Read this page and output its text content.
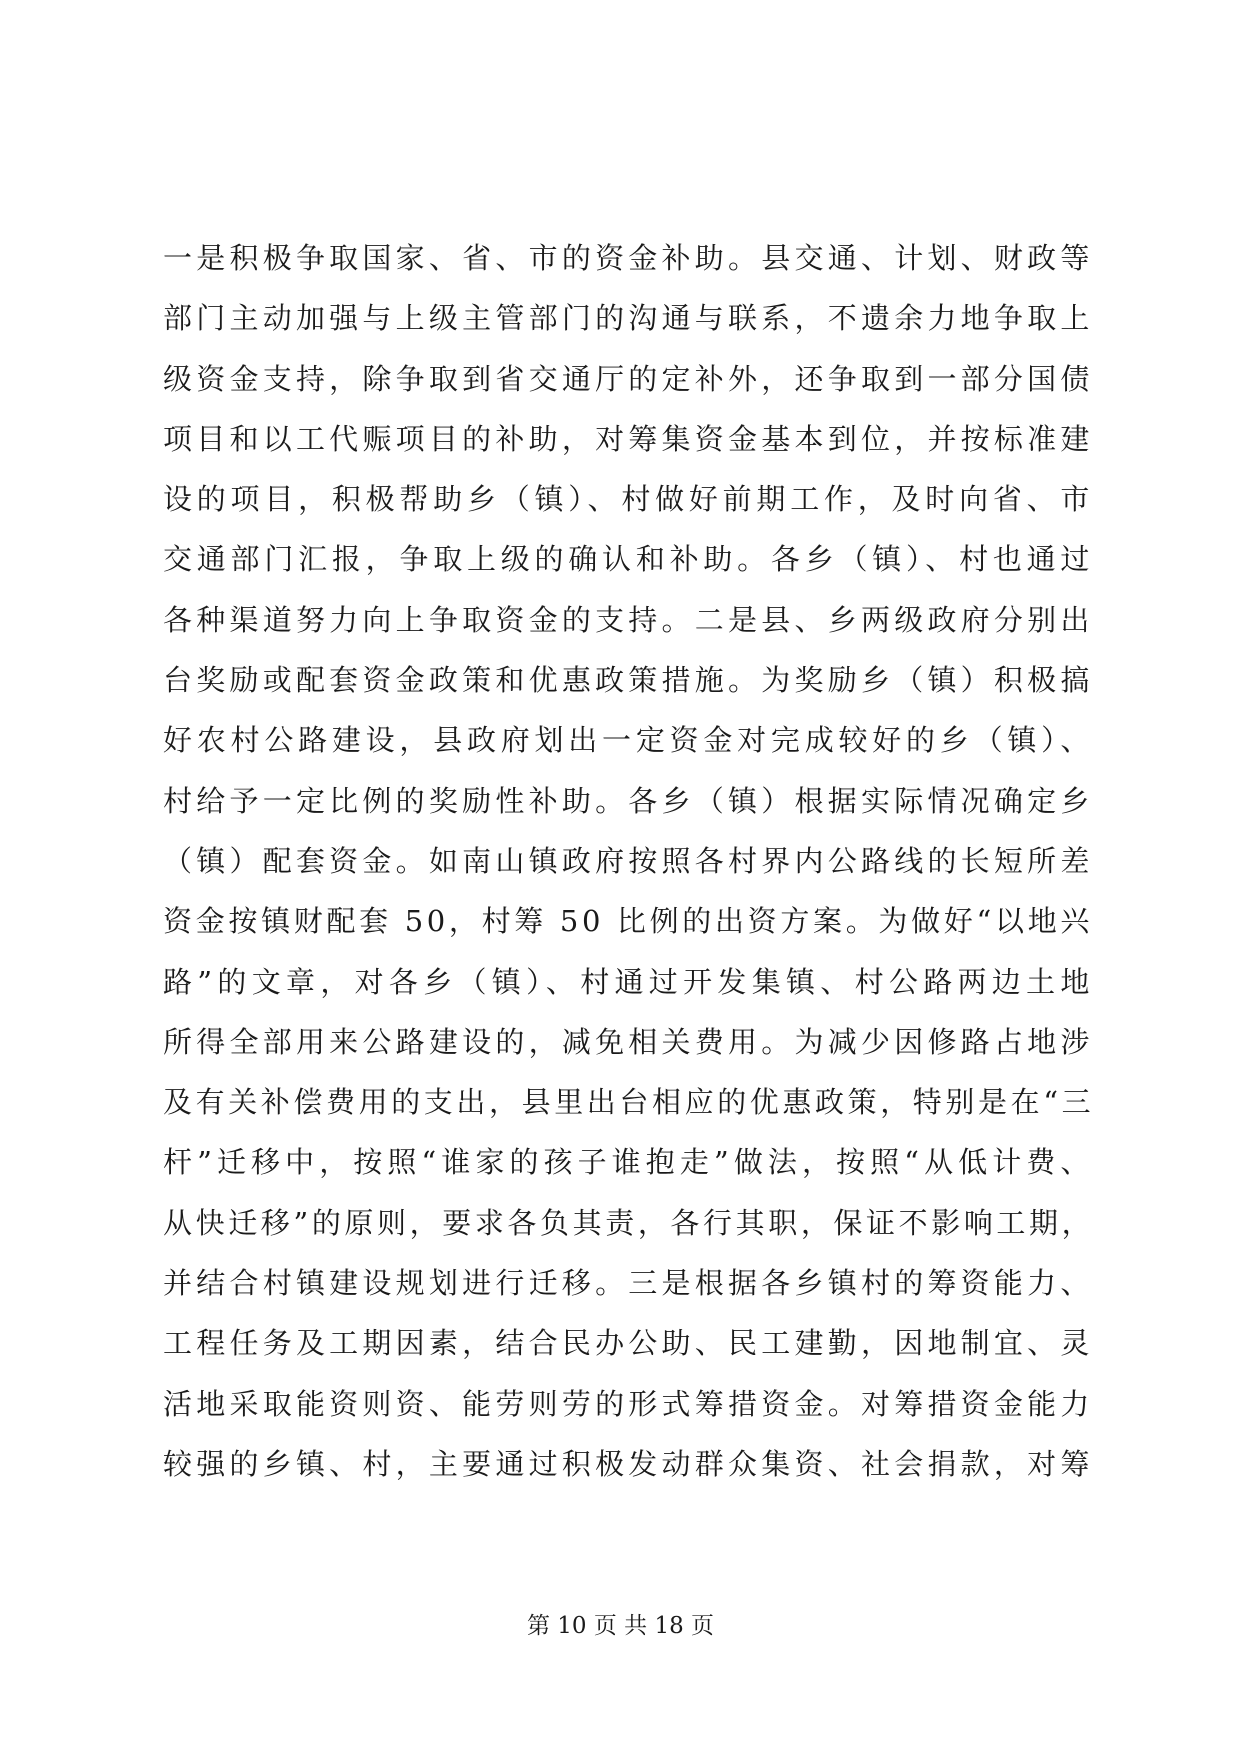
一是积极争取国家、省、市的资金补助。县交通、计划、财政等
部门主动加强与上级主管部门的沟通与联系，不遗余力地争取上
级资金支持，除争取到省交通厅的定补外，还争取到一部分国债
项目和以工代赈项目的补助，对筹集资金基本到位，并按标准建
设的项目，积极帮助乡（镇）、村做好前期工作，及时向省、市
交通部门汇报，争取上级的确认和补助。各乡（镇）、村也通过
各种渠道努力向上争取资金的支持。二是县、乡两级政府分别出
台奖励或配套资金政策和优惠政策措施。为奖励乡（镇）积极搞
好农村公路建设，县政府划出一定资金对完成较好的乡（镇）、
村给予一定比例的奖励性补助。各乡（镇）根据实际情况确定乡
（镇）配套资金。如南山镇政府按照各村界内公路线的长短所差
资金按镇财配套 50，村筹 50 比例的出资方案。为做好“以地兴
路”的文章，对各乡（镇）、村通过开发集镇、村公路两边土地
所得全部用来公路建设的，减免相关费用。为减少因修路占地涉
及有关补偿费用的支出，县里出台相应的优惠政策，特别是在“三
杆”迁移中，按照“谁家的孩子谁抱走”做法，按照“从低计费、
从快迁移”的原则，要求各负其责，各行其职，保证不影响工期，
并结合村镇建设规划进行迁移。三是根据各乡镇村的筹资能力、
工程任务及工期因素，结合民办公助、民工建勤，因地制宜、灵
活地采取能资则资、能劳则劳的形式筹措资金。对筹措资金能力
较强的乡镇、村，主要通过积极发动群众集资、社会捐款，对筹
第 10 页 共 18 页
